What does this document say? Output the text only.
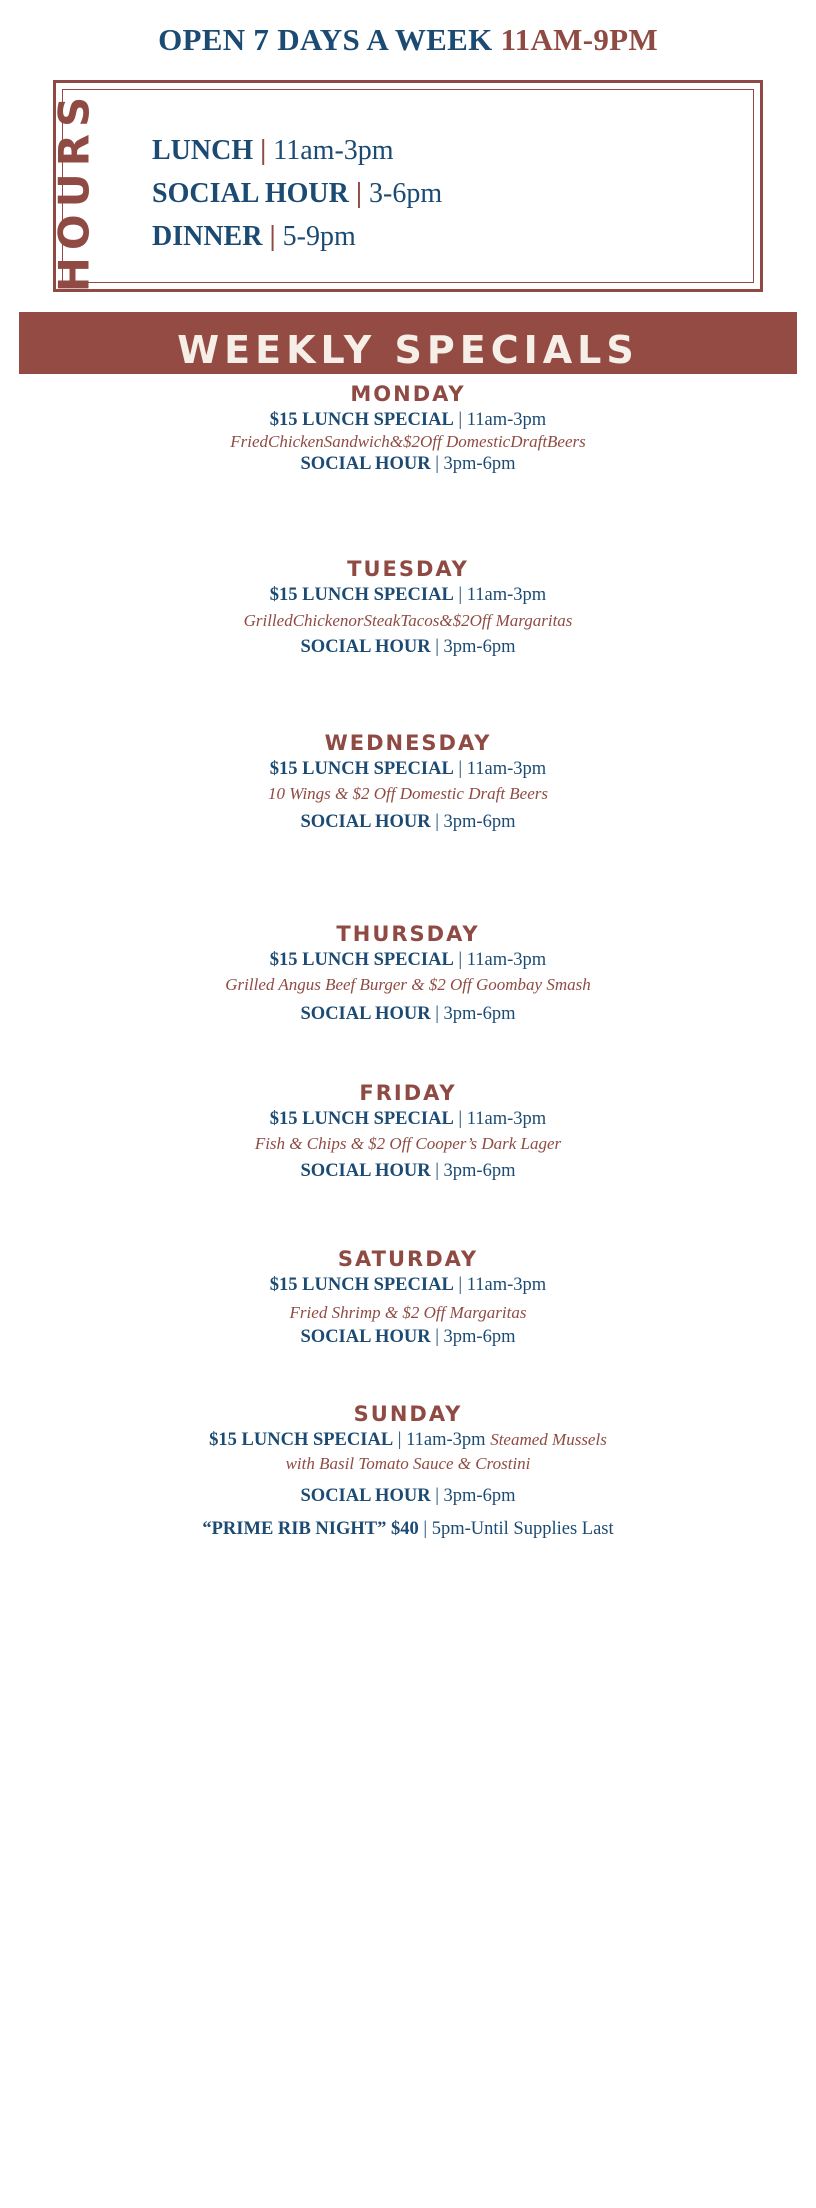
OPEN 7 DAYS A WEEK 11AM-9PM
HOURS LUNCH | 11am-3pm
SOCIAL HOUR | 3-6pm
DINNER | 5-9pm
WEEKLY SPECIALS
MONDAY
$15 LUNCH SPECIAL | 11am-3pm
FriedChickenSandwich&$2Off DomesticDraftBeers
SOCIAL HOUR | 3pm-6pm
TUESDAY
$15 LUNCH SPECIAL | 11am-3pm
GrilledChickenorSteakTacos&$2Off Margaritas
SOCIAL HOUR | 3pm-6pm
WEDNESDAY
$15 LUNCH SPECIAL | 11am-3pm
10 Wings & $2 Off Domestic Draft Beers
SOCIAL HOUR | 3pm-6pm
THURSDAY
$15 LUNCH SPECIAL | 11am-3pm
Grilled Angus Beef Burger & $2 Off Goombay Smash
SOCIAL HOUR | 3pm-6pm
FRIDAY
$15 LUNCH SPECIAL | 11am-3pm
Fish & Chips & $2 Off Cooper’s Dark Lager
SOCIAL HOUR | 3pm-6pm
SATURDAY
$15 LUNCH SPECIAL | 11am-3pm
Fried Shrimp & $2 Off Margaritas
SOCIAL HOUR | 3pm-6pm
SUNDAY
$15 LUNCH SPECIAL | 11am-3pm Steamed Mussels
with Basil Tomato Sauce & Crostini
SOCIAL HOUR | 3pm-6pm
“PRIME RIB NIGHT” $40 | 5pm-Until Supplies Last
